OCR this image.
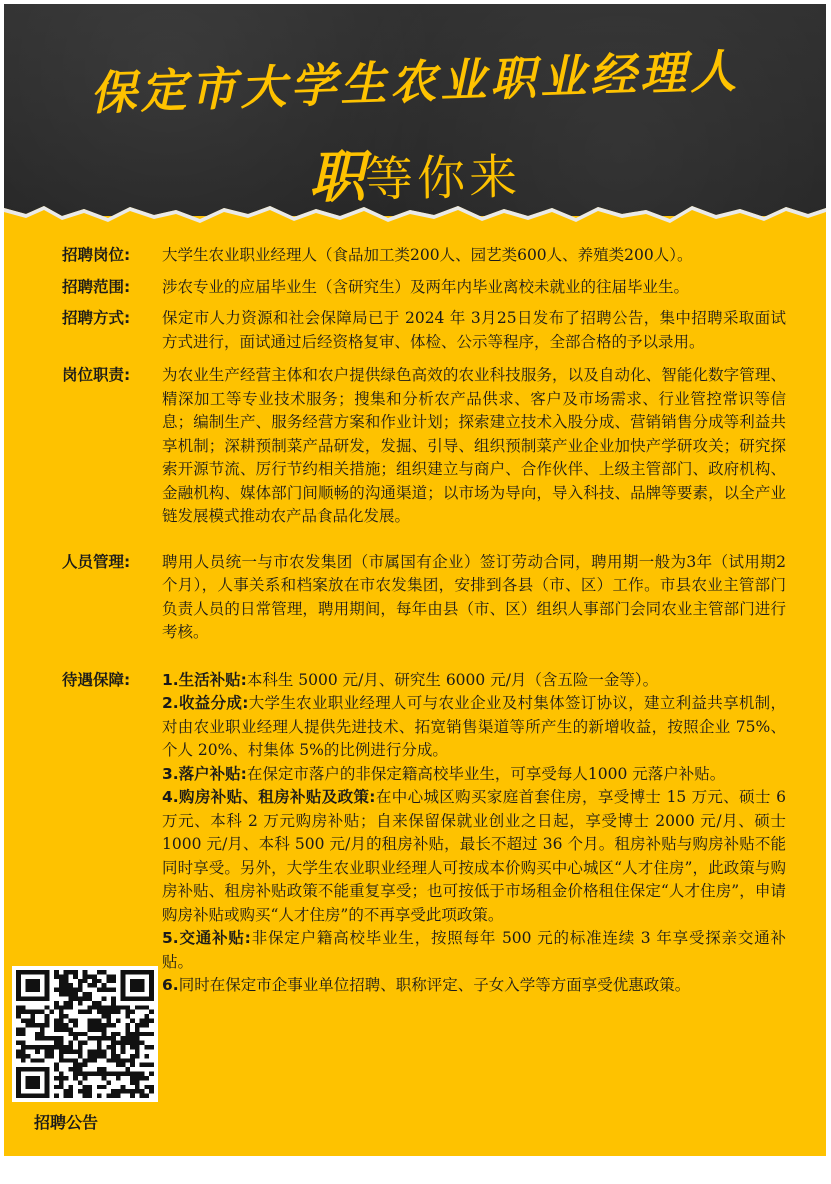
保定市大学生农业职业经理人
职等你来
招聘岗位:	大学生农业职业经理人（食品加工类200人、园艺类600人、养殖类200人）。
招聘范围:	涉农专业的应届毕业生（含研究生）及两年内毕业离校未就业的往届毕业生。
招聘方式:	保定市人力资源和社会保障局已于 2024 年 3月25日发布了招聘公告，集中招聘采取面试方式进行，面试通过后经资格复审、体检、公示等程序，全部合格的予以录用。
岗位职责:	为农业生产经营主体和农户提供绿色高效的农业科技服务，以及自动化、智能化数字管理、精深加工等专业技术服务；搜集和分析农产品供求、客户及市场需求、行业管控常识等信息；编制生产、服务经营方案和作业计划；探索建立技术入股分成、营销销售分成等利益共享机制；深耕预制菜产品研发，发掘、引导、组织预制菜产业企业加快产学研攻关；研究探索开源节流、厉行节约相关措施；组织建立与商户、合作伙伴、上级主管部门、政府机构、金融机构、媒体部门间顺畅的沟通渠道；以市场为导向，导入科技、品牌等要素，以全产业链发展模式推动农产品食品化发展。
人员管理:	聘用人员统一与市农发集团（市属国有企业）签订劳动合同，聘用期一般为3年（试用期2个月），人事关系和档案放在市农发集团，安排到各县（市、区）工作。市县农业主管部门负责人员的日常管理，聘用期间，每年由县（市、区）组织人事部门会同农业主管部门进行考核。
待遇保障:	1.生活补贴:本科生 5000 元/月、研究生 6000 元/月（含五险一金等）。
2.收益分成:大学生农业职业经理人可与农业企业及村集体签订协议，建立利益共享机制，对由农业职业经理人提供先进技术、拓宽销售渠道等所产生的新增收益，按照企业 75%、个人 20%、村集体 5%的比例进行分成。
3.落户补贴:在保定市落户的非保定籍高校毕业生，可享受每人1000 元落户补贴。
4.购房补贴、租房补贴及政策:在中心城区购买家庭首套住房，享受博士 15 万元、硕士 6 万元、本科 2 万元购房补贴；自来保留保就业创业之日起，享受博士 2000 元/月、硕士 1000 元/月、本科 500 元/月的租房补贴，最长不超过 36 个月。租房补贴与购房补贴不能同时享受。另外，大学生农业职业经理人可按成本价购买中心城区“人才住房”，此政策与购房补贴、租房补贴政策不能重复享受；也可按低于市场租金价格租住保定“人才住房”，申请购房补贴或购买“人才住房”的不再享受此项政策。
5.交通补贴:非保定户籍高校毕业生，按照每年 500 元的标准连续 3 年享受探亲交通补贴。
6.同时在保定市企事业单位招聘、职称评定、子女入学等方面享受优惠政策。
招聘公告
